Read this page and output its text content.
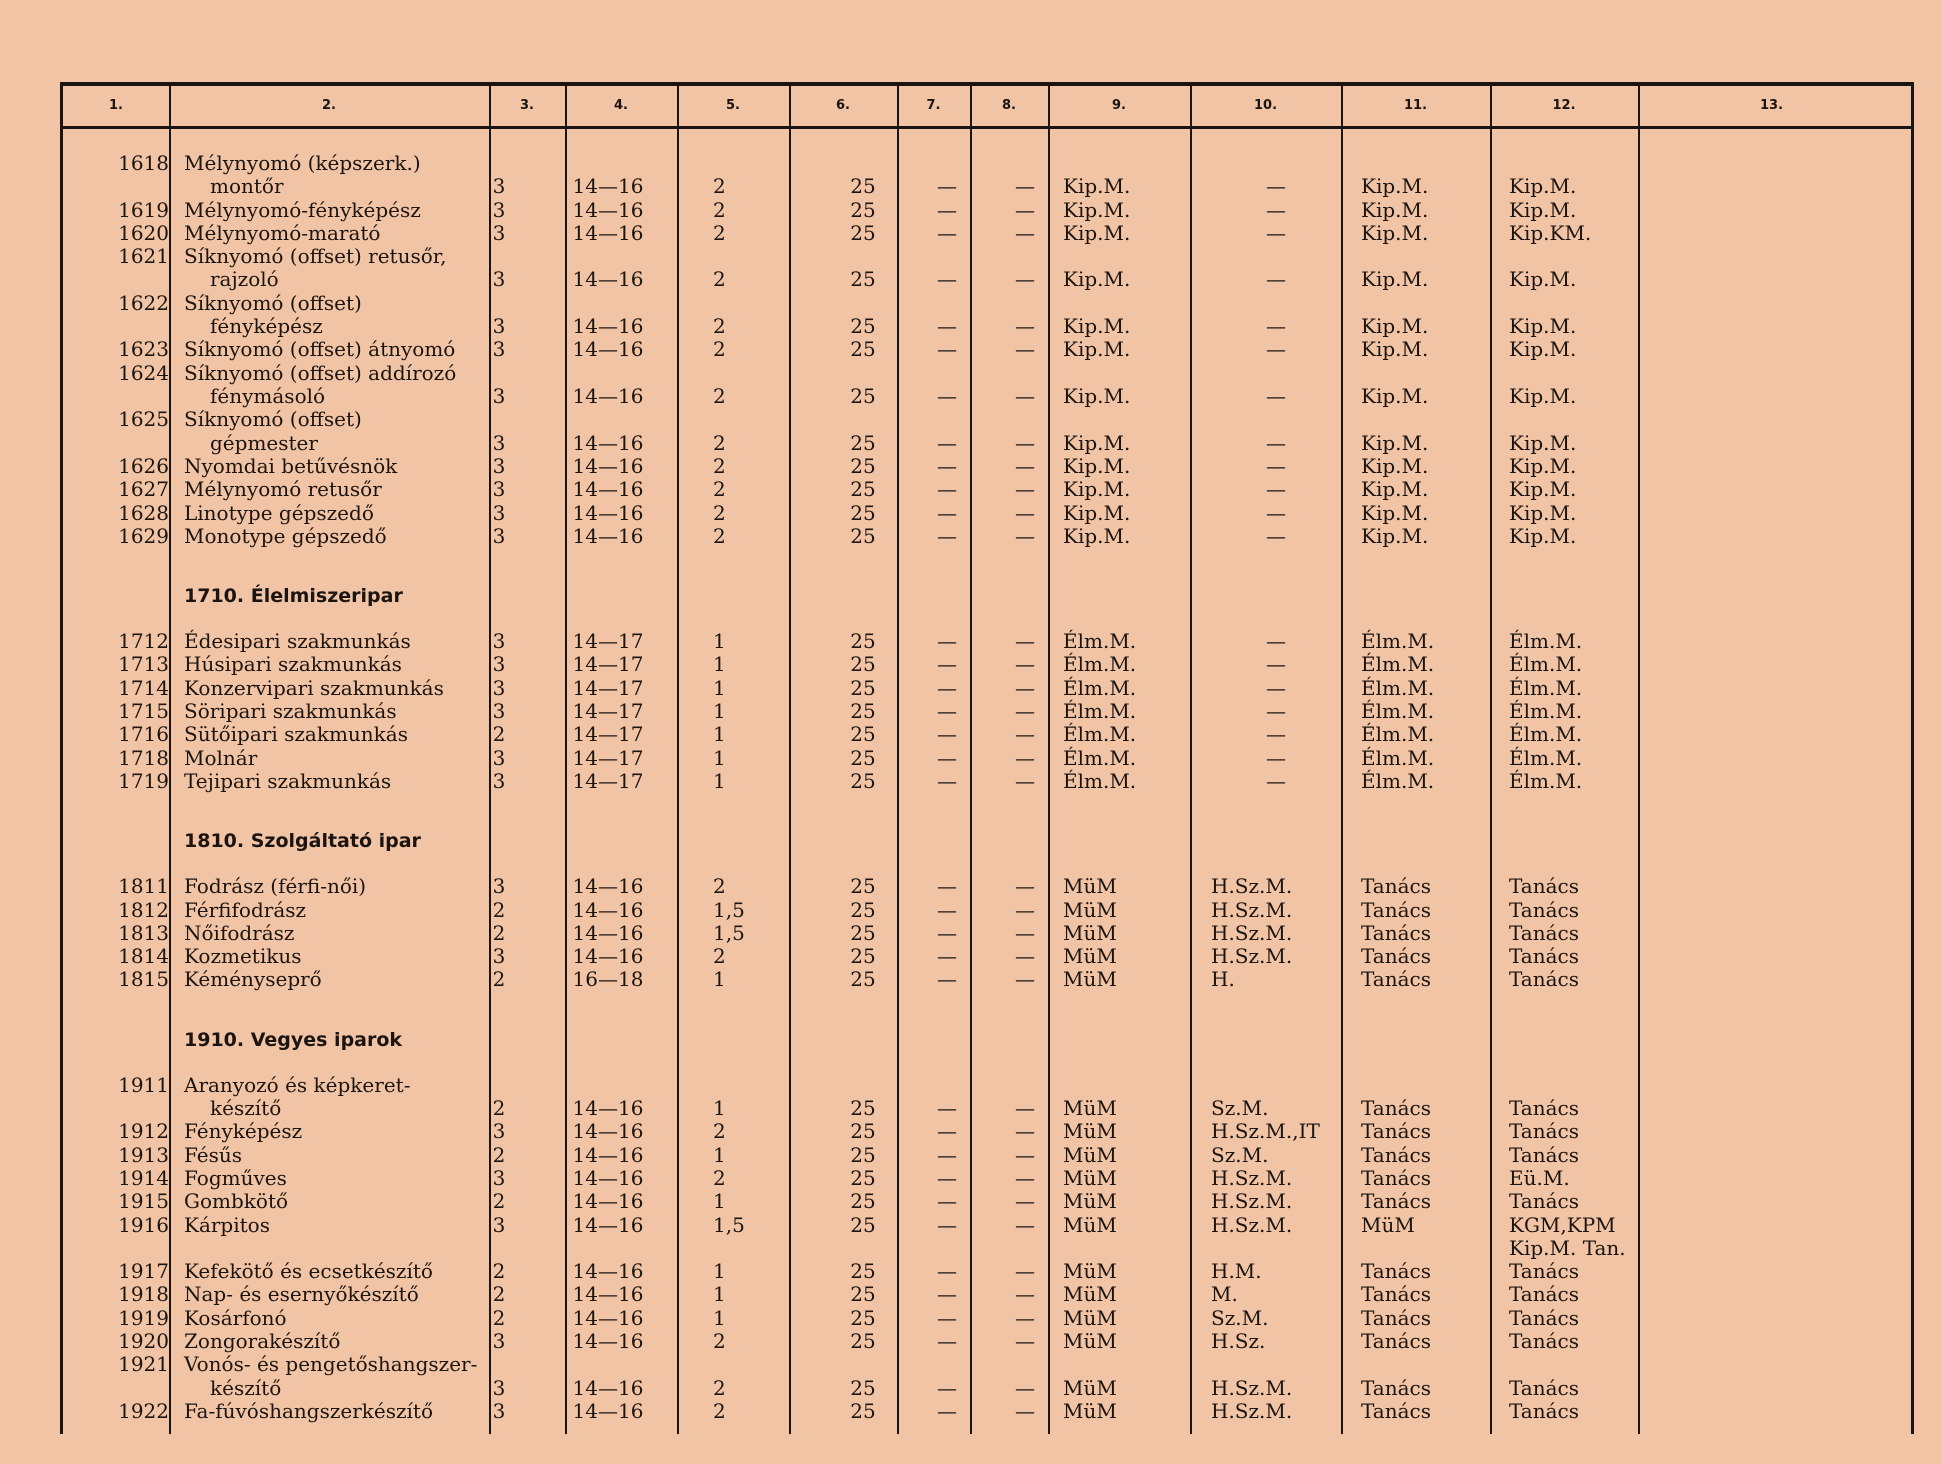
1.	2.	3.	4.	5.	6.	7.	8.	9.	10.	11.	12.	13.
1618 Mélynyomó (képszerk.)
montőr	3	14—16	2	25	—	—	Kip.M.	—	Kip.M.	Kip.M.
1619 Mélynyomó-fényképész	3	14—16	2	25	—	—	Kip.M.	—	Kip.M.	Kip.M.
1620 Mélynyomó-marató	3	14—16	2	25	—	—	Kip.M.	—	Kip.M.	Kip.KM.
1621 Síknyomó (offset) retusőr,
rajzoló	3	14—16	2	25	—	—	Kip.M.	—	Kip.M.	Kip.M.
1622 Síknyomó (offset)
fényképész	3	14—16	2	25	—	—	Kip.M.	—	Kip.M.	Kip.M.
1623 Síknyomó (offset) átnyomó	3	14—16	2	25	—	—	Kip.M.	—	Kip.M.	Kip.M.
1624 Síknyomó (offset) addírozó
fénymásoló	3	14—16	2	25	—	—	Kip.M.	—	Kip.M.	Kip.M.
1625 Síknyomó (offset)
gépmester	3	14—16	2	25	—	—	Kip.M.	—	Kip.M.	Kip.M.
1626 Nyomdai betűvésnök	3	14—16	2	25	—	—	Kip.M.	—	Kip.M.	Kip.M.
1627 Mélynyomó retusőr	3	14—16	2	25	—	—	Kip.M.	—	Kip.M.	Kip.M.
1628 Linotype gépszedő	3	14—16	2	25	—	—	Kip.M.	—	Kip.M.	Kip.M.
1629 Monotype gépszedő	3	14—16	2	25	—	—	Kip.M.	—	Kip.M.	Kip.M.
1710. Élelmiszeripar
1712 Édesipari szakmunkás	3	14—17	1	25	—	—	Élm.M.	—	Élm.M.	Élm.M.
1713 Húsipari szakmunkás	3	14—17	1	25	—	—	Élm.M.	—	Élm.M.	Élm.M.
1714 Konzervipari szakmunkás	3	14—17	1	25	—	—	Élm.M.	—	Élm.M.	Élm.M.
1715 Söripari szakmunkás	3	14—17	1	25	—	—	Élm.M.	—	Élm.M.	Élm.M.
1716 Sütőipari szakmunkás	2	14—17	1	25	—	—	Élm.M.	—	Élm.M.	Élm.M.
1718 Molnár	3	14—17	1	25	—	—	Élm.M.	—	Élm.M.	Élm.M.
1719 Tejipari szakmunkás	3	14—17	1	25	—	—	Élm.M.	—	Élm.M.	Élm.M.
1810. Szolgáltató ipar
1811 Fodrász (férfi-női)	3	14—16	2	25	—	—	MüM	H.Sz.M.	Tanács	Tanács
1812 Férfifodrász	2	14—16	1,5	25	—	—	MüM	H.Sz.M.	Tanács	Tanács
1813 Nőifodrász	2	14—16	1,5	25	—	—	MüM	H.Sz.M.	Tanács	Tanács
1814 Kozmetikus	3	14—16	2	25	—	—	MüM	H.Sz.M.	Tanács	Tanács
1815 Kéményseprő	2	16—18	1	25	—	—	MüM	H.	Tanács	Tanács
1910. Vegyes iparok
1911 Aranyozó és képkeret-
készítő	2	14—16	1	25	—	—	MüM	Sz.M.	Tanács	Tanács
1912 Fényképész	3	14—16	2	25	—	—	MüM	H.Sz.M.,IT	Tanács	Tanács
1913 Fésűs	2	14—16	1	25	—	—	MüM	Sz.M.	Tanács	Tanács
1914 Fogműves	3	14—16	2	25	—	—	MüM	H.Sz.M.	Tanács	Eü.M.
1915 Gombkötő	2	14—16	1	25	—	—	MüM	H.Sz.M.	Tanács	Tanács
1916 Kárpitos	3	14—16	1,5	25	—	—	MüM	H.Sz.M.	MüM	KGM,KPM
Kip.M. Tan.
1917 Kefekötő és ecsetkészítő	2	14—16	1	25	—	—	MüM	H.M.	Tanács	Tanács
1918 Nap- és esernyőkészítő	2	14—16	1	25	—	—	MüM	M.	Tanács	Tanács
1919 Kosárfonó	2	14—16	1	25	—	—	MüM	Sz.M.	Tanács	Tanács
1920 Zongorakészítő	3	14—16	2	25	—	—	MüM	H.Sz.	Tanács	Tanács
1921 Vonós- és pengetőshangszer-
készítő	3	14—16	2	25	—	—	MüM	H.Sz.M.	Tanács	Tanács
1922 Fa-fúvóshangszerkészítő	3	14—16	2	25	—	—	MüM	H.Sz.M.	Tanács	Tanács
